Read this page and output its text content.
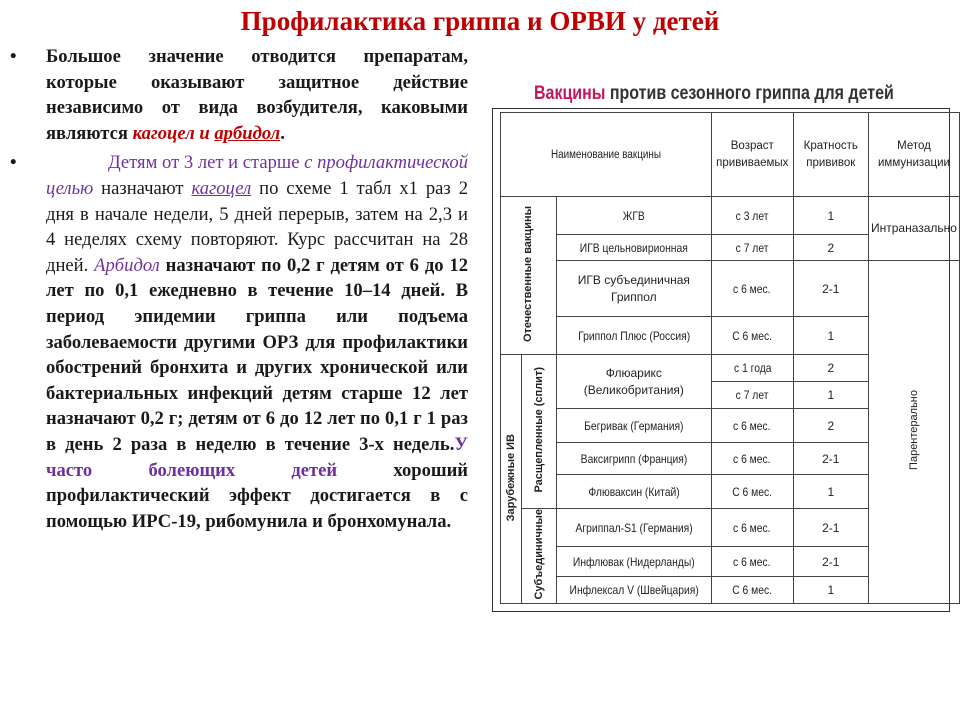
Профилактика гриппа и ОРВИ у детей
• Большое значение отводится препаратам, которые оказывают защитное действие независимо от вида возбудителя, каковыми являются кагоцел и арбидол.
•	Детям от 3 лет и старше с профилактической целью назначают кагоцел по схеме 1 табл х1 раз 2 дня в начале недели, 5 дней перерыв, затем на 2,3 и 4 неделях схему повторяют. Курс рассчитан на 28 дней. Арбидол назначают по 0,2 г детям от 6 до 12 лет по 0,1 ежедневно в течение 10–14 дней. В период эпидемии гриппа или подъема заболеваемости другими ОРЗ для профилактики обострений бронхита и других хронической или бактериальных инфекций детям старше 12 лет назначают 0,2 г; детям от 6 до 12 лет по 0,1 г 1 раз в день 2 раза в неделю в течение 3-х недель.У часто болеющих детей хороший профилактический эффект достигается в с помощью ИРС-19, рибомунила и бронхомунала.
Вакцины против сезонного гриппа для детей
Наименование вакцины			Возраст прививаемых	Кратность прививок	Метод иммунизации
Отечественные вакцины		ЖГВ	с 3 лет	1	Интраназально
		ИГВ цельновирионная	с 7 лет	2	
		ИГВ субъединичная Гриппол	с 6 мес.	2-1	Парентерально
		Гриппол Плюс (Россия)	С 6 мес.	1	
Зарубежные ИВ	Расщепленные (сплит)	Флюарикс (Великобритания)	с 1 года	2	
			с 7 лет	1	
		Бегривак (Германия)	с 6 мес.	2	
		Ваксигрипп (Франция)	с 6 мес.	2-1	
		Флюваксин (Китай)	С 6 мес.	1	
	Субъединичные	Агриппал-S1 (Германия)	с 6 мес.	2-1	
		Инфлювак (Нидерланды)	с 6 мес.	2-1	
		Инфлексал V (Швейцария)	С 6 мес.	1	
